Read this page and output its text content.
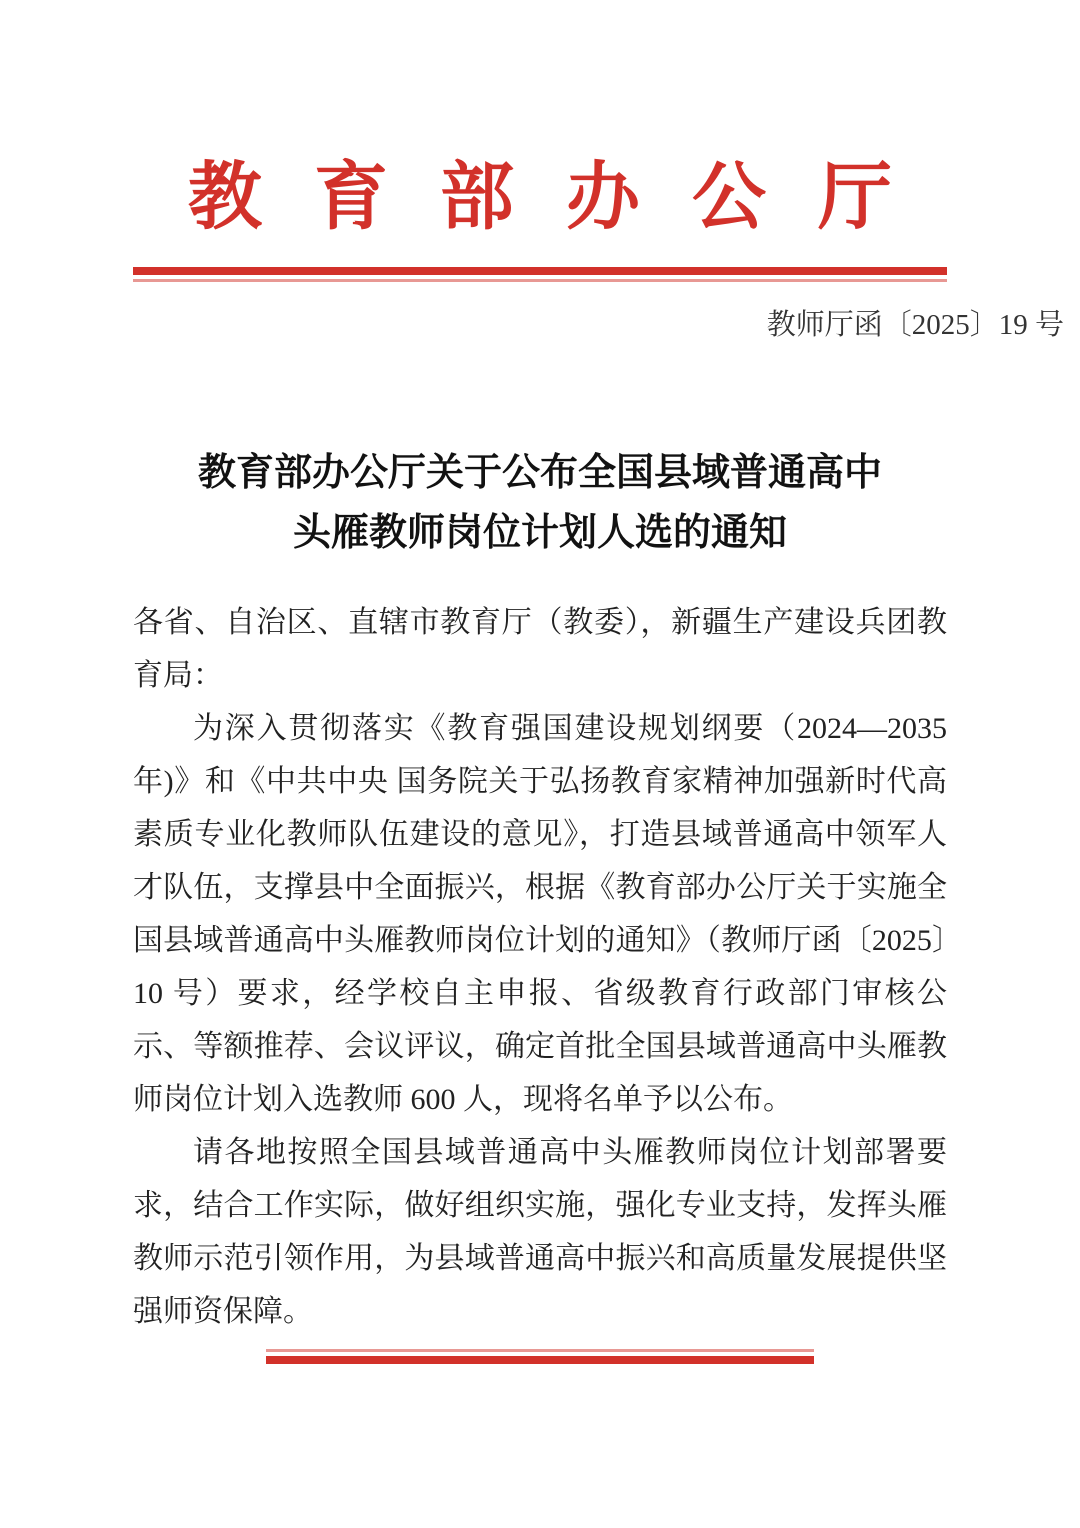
教育部办公厅
教师厅函〔2025〕19 号
教育部办公厅关于公布全国县域普通高中
头雁教师岗位计划人选的通知

各省、自治区、直辖市教育厅（教委），新疆生产建设兵团教育局：

为深入贯彻落实《教育强国建设规划纲要（2024—2035年)》和《中共中央 国务院关于弘扬教育家精神加强新时代高素质专业化教师队伍建设的意见》，打造县域普通高中领军人才队伍，支撑县中全面振兴，根据《教育部办公厅关于实施全国县域普通高中头雁教师岗位计划的通知》（教师厅函〔2025〕10 号）要求，经学校自主申报、省级教育行政部门审核公示、等额推荐、会议评议，确定首批全国县域普通高中头雁教师岗位计划入选教师 600 人，现将名单予以公布。

请各地按照全国县域普通高中头雁教师岗位计划部署要求，结合工作实际，做好组织实施，强化专业支持，发挥头雁教师示范引领作用，为县域普通高中振兴和高质量发展提供坚强师资保障。
